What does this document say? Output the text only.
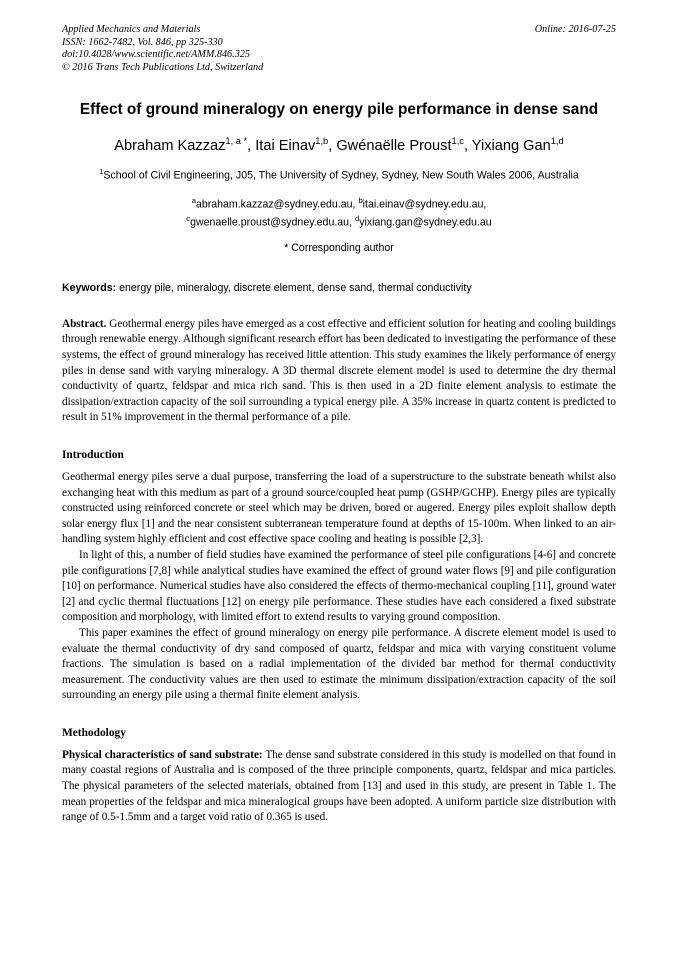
Applied Mechanics and Materials
ISSN: 1662-7482, Vol. 846, pp 325-330
doi:10.4028/www.scientific.net/AMM.846.325
© 2016 Trans Tech Publications Ltd, Switzerland
Online: 2016-07-25
Effect of ground mineralogy on energy pile performance in dense sand
Abraham Kazzaz$^{1, a *}$, Itai Einav$^{1,b}$, Gwénaëlle Proust$^{1,c}$, Yixiang Gan$^{1,d}$
$^1$School of Civil Engineering, J05, The University of Sydney, Sydney, New South Wales 2006, Australia
$^a$abraham.kazzaz@sydney.edu.au, $^b$itai.einav@sydney.edu.au,
$^c$gwenaelle.proust@sydney.edu.au, $^d$yixiang.gan@sydney.edu.au
* Corresponding author
Keywords: energy pile, mineralogy, discrete element, dense sand, thermal conductivity
Abstract. Geothermal energy piles have emerged as a cost effective and efficient solution for heating and cooling buildings through renewable energy. Although significant research effort has been dedicated to investigating the performance of these systems, the effect of ground mineralogy has received little attention. This study examines the likely performance of energy piles in dense sand with varying mineralogy. A 3D thermal discrete element model is used to determine the dry thermal conductivity of quartz, feldspar and mica rich sand. This is then used in a 2D finite element analysis to estimate the dissipation/extraction capacity of the soil surrounding a typical energy pile. A 35% increase in quartz content is predicted to result in 51% improvement in the thermal performance of a pile.
Introduction

Geothermal energy piles serve a dual purpose, transferring the load of a superstructure to the substrate beneath whilst also exchanging heat with this medium as part of a ground source/coupled heat pump (GSHP/GCHP). Energy piles are typically constructed using reinforced concrete or steel which may be driven, bored or augered. Energy piles exploit shallow depth solar energy flux [1] and the near consistent subterranean temperature found at depths of 15-100m. When linked to an air-handling system highly efficient and cost effective space cooling and heating is possible [2,3].

In light of this, a number of field studies have examined the performance of steel pile configurations [4-6] and concrete pile configurations [7,8] while analytical studies have examined the effect of ground water flows [9] and pile configuration [10] on performance. Numerical studies have also considered the effects of thermo-mechanical coupling [11], ground water [2] and cyclic thermal fluctuations [12] on energy pile performance. These studies have each considered a fixed substrate composition and morphology, with limited effort to extend results to varying ground composition.

This paper examines the effect of ground mineralogy on energy pile performance. A discrete element model is used to evaluate the thermal conductivity of dry sand composed of quartz, feldspar and mica with varying constituent volume fractions. The simulation is based on a radial implementation of the divided bar method for thermal conductivity measurement. The conductivity values are then used to estimate the minimum dissipation/extraction capacity of the soil surrounding an energy pile using a thermal finite element analysis.

Methodology

Physical characteristics of sand substrate: The dense sand substrate considered in this study is modelled on that found in many coastal regions of Australia and is composed of the three principle components, quartz, feldspar and mica particles. The physical parameters of the selected materials, obtained from [13] and used in this study, are present in Table 1. The mean properties of the feldspar and mica mineralogical groups have been adopted. A uniform particle size distribution with range of 0.5-1.5mm and a target void ratio of 0.365 is used.
